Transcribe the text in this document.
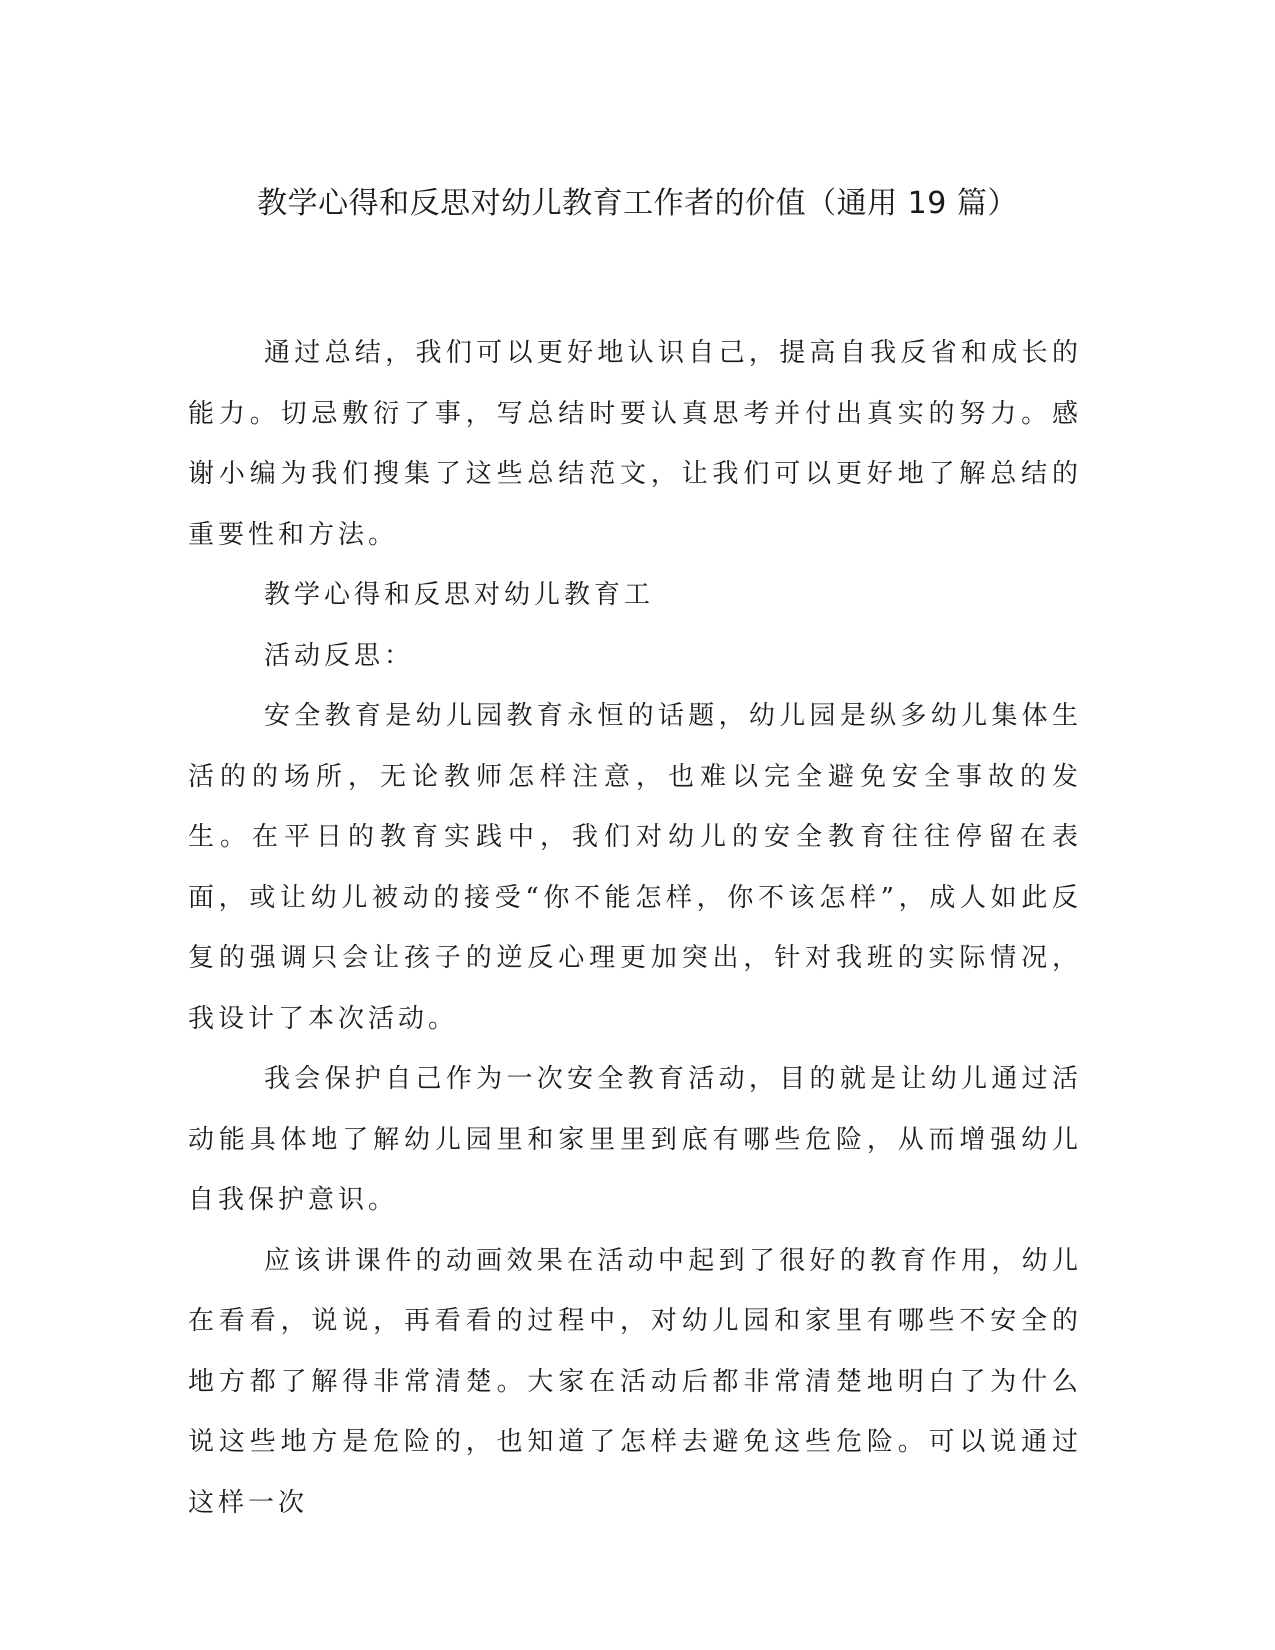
教学心得和反思对幼儿教育工作者的价值（通用 19 篇）

通过总结，我们可以更好地认识自己，提高自我反省和成长的能力。切忌敷衍了事，写总结时要认真思考并付出真实的努力。感谢小编为我们搜集了这些总结范文，让我们可以更好地了解总结的重要性和方法。

教学心得和反思对幼儿教育工

活动反思：

安全教育是幼儿园教育永恒的话题，幼儿园是纵多幼儿集体生活的的场所，无论教师怎样注意，也难以完全避免安全事故的发生。在平日的教育实践中，我们对幼儿的安全教育往往停留在表面，或让幼儿被动的接受“你不能怎样，你不该怎样”，成人如此反复的强调只会让孩子的逆反心理更加突出，针对我班的实际情况，我设计了本次活动。

我会保护自己作为一次安全教育活动，目的就是让幼儿通过活动能具体地了解幼儿园里和家里里到底有哪些危险，从而增强幼儿自我保护意识。

应该讲课件的动画效果在活动中起到了很好的教育作用，幼儿在看看，说说，再看看的过程中，对幼儿园和家里有哪些不安全的地方都了解得非常清楚。大家在活动后都非常清楚地明白了为什么说这些地方是危险的，也知道了怎样去避免这些危险。可以说通过这样一次
